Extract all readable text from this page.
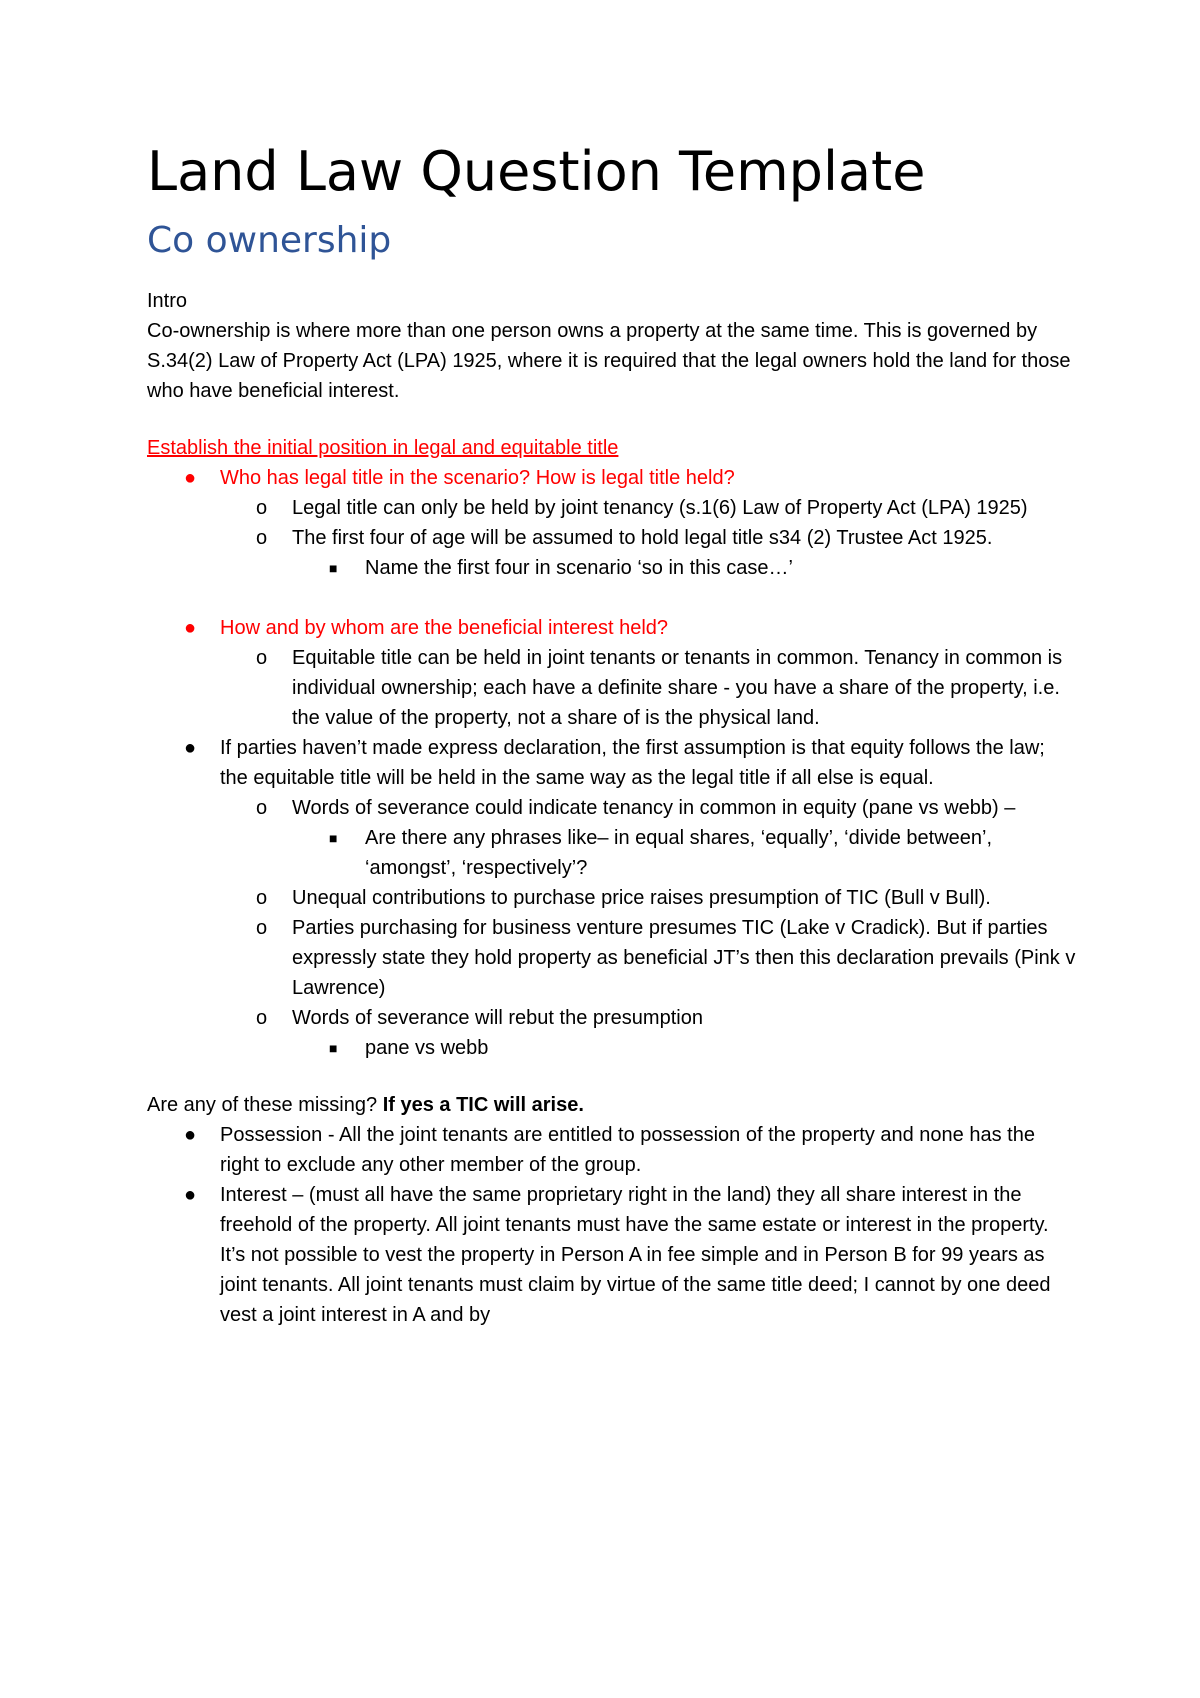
Land Law Question Template
Co ownership

Intro

Co-ownership is where more than one person owns a property at the same time. This is governed by S.34(2) Law of Property Act (LPA) 1925, where it is required that the legal owners hold the land for those who have beneficial interest.

Establish the initial position in legal and equitable title

● Who has legal title in the scenario? How is legal title held?
o Legal title can only be held by joint tenancy (s.1(6) Law of Property Act (LPA) 1925)
o The first four of age will be assumed to hold legal title s34 (2) Trustee Act 1925.
■ Name the first four in scenario ‘so in this case…’
● How and by whom are the beneficial interest held?
o Equitable title can be held in joint tenants or tenants in common. Tenancy in common is individual ownership; each have a definite share - you have a share of the property, i.e. the value of the property, not a share of is the physical land.
● If parties haven’t made express declaration, the first assumption is that equity follows the law; the equitable title will be held in the same way as the legal title if all else is equal.
o Words of severance could indicate tenancy in common in equity (pane vs webb) –
■ Are there any phrases like– in equal shares, ‘equally’, ‘divide between’, ‘amongst’, ‘respectively’?
o Unequal contributions to purchase price raises presumption of TIC (Bull v Bull).
o Parties purchasing for business venture presumes TIC (Lake v Cradick). But if parties expressly state they hold property as beneficial JT’s then this declaration prevails (Pink v Lawrence)
o Words of severance will rebut the presumption
■ pane vs webb

Are any of these missing? If yes a TIC will arise.

● Possession - All the joint tenants are entitled to possession of the property and none has the right to exclude any other member of the group.
● Interest – (must all have the same proprietary right in the land) they all share interest in the freehold of the property. All joint tenants must have the same estate or interest in the property. It’s not possible to vest the property in Person A in fee simple and in Person B for 99 years as joint tenants. All joint tenants must claim by virtue of the same title deed; I cannot by one deed vest a joint interest in A and by
